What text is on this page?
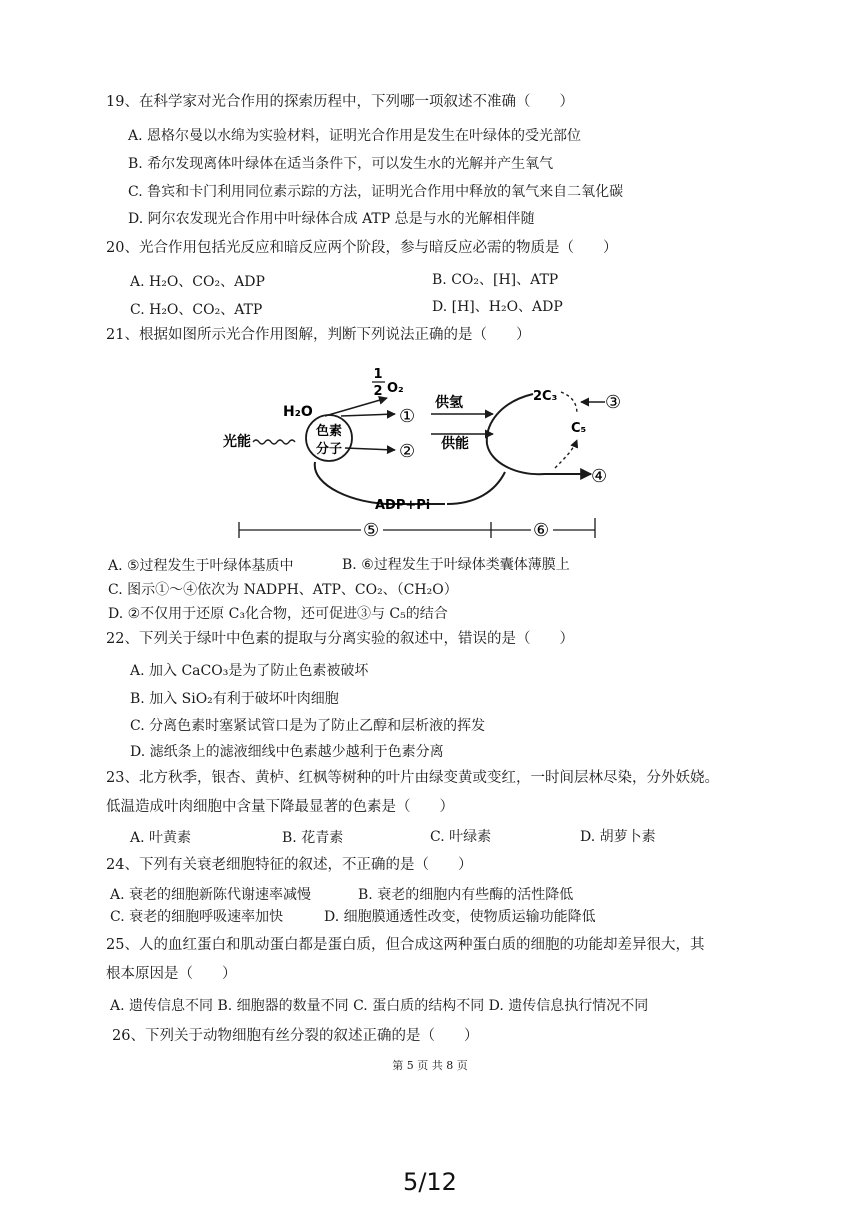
19、在科学家对光合作用的探索历程中，下列哪一项叙述不准确（　　）
A. 恩格尔曼以水绵为实验材料，证明光合作用是发生在叶绿体的受光部位
B. 希尔发现离体叶绿体在适当条件下，可以发生水的光解并产生氧气
C. 鲁宾和卡门利用同位素示踪的方法，证明光合作用中释放的氧气来自二氧化碳
D. 阿尔农发现光合作用中叶绿体合成 ATP 总是与水的光解相伴随
20、光合作用包括光反应和暗反应两个阶段，参与暗反应必需的物质是（　　）
A. H₂O、CO₂、ADP	B. CO₂、[H]、ATP
C. H₂O、CO₂、ATP	D. [H]、H₂O、ADP
21、根据如图所示光合作用图解，判断下列说法正确的是（　　）
1
2 O₂
H₂O
色素
分子
光能
①
②
供氢
供能
2C₃	③
C₅
④
ADP+Pi
⑤	⑥
A. ⑤过程发生于叶绿体基质中	B. ⑥过程发生于叶绿体类囊体薄膜上
C. 图示①～④依次为 NADPH、ATP、CO₂、（CH₂O）
D. ②不仅用于还原 C₃化合物，还可促进③与 C₅的结合
22、下列关于绿叶中色素的提取与分离实验的叙述中，错误的是（　　）
A. 加入 CaCO₃是为了防止色素被破坏
B. 加入 SiO₂有利于破坏叶肉细胞
C. 分离色素时塞紧试管口是为了防止乙醇和层析液的挥发
D. 滤纸条上的滤液细线中色素越少越利于色素分离
23、北方秋季，银杏、黄栌、红枫等树种的叶片由绿变黄或变红，一时间层林尽染，分外妖娆。
低温造成叶肉细胞中含量下降最显著的色素是（　　）
A. 叶黄素	B. 花青素	C. 叶绿素	D. 胡萝卜素
24、下列有关衰老细胞特征的叙述，不正确的是（　　）
A. 衰老的细胞新陈代谢速率减慢	B. 衰老的细胞内有些酶的活性降低
C. 衰老的细胞呼吸速率加快	D. 细胞膜通透性改变，使物质运输功能降低
25、人的血红蛋白和肌动蛋白都是蛋白质，但合成这两种蛋白质的细胞的功能却差异很大，其
根本原因是（　　）
A. 遗传信息不同 B. 细胞器的数量不同 C. 蛋白质的结构不同 D. 遗传信息执行情况不同
26、下列关于动物细胞有丝分裂的叙述正确的是（　　）
第 5 页 共 8 页
5/12
